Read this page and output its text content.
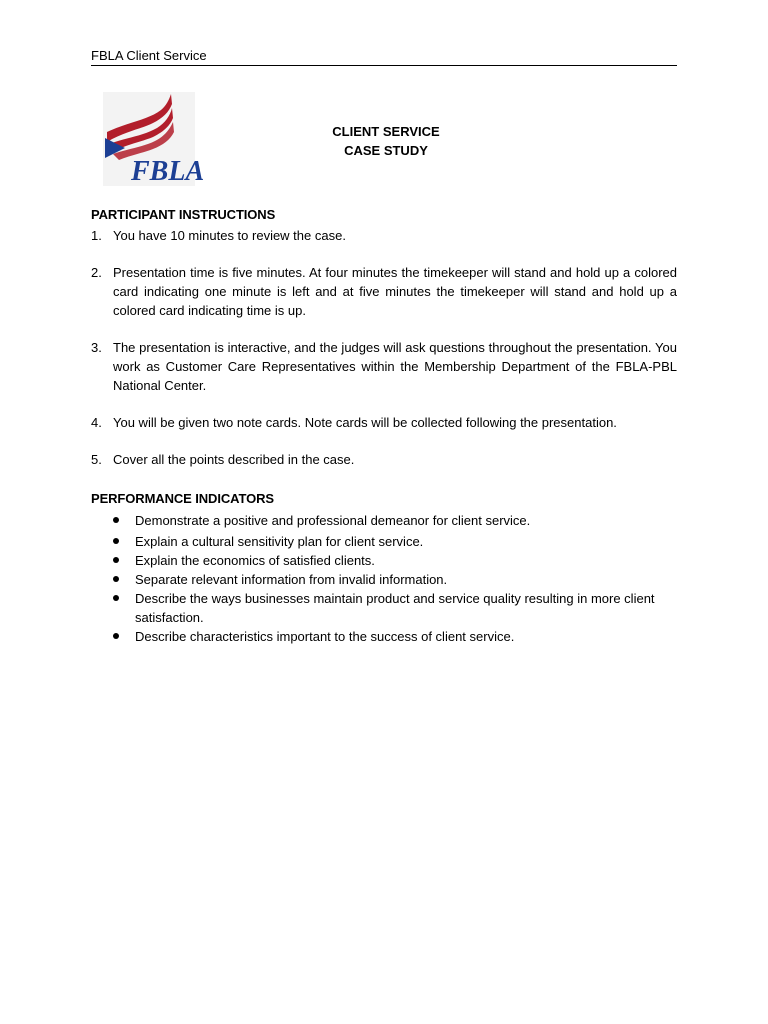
FBLA Client Service
FBLA
CLIENT SERVICE
CASE STUDY
PARTICIPANT INSTRUCTIONS
1. You have 10 minutes to review the case.
2. Presentation time is five minutes. At four minutes the timekeeper will stand and hold up a colored card indicating one minute is left and at five minutes the timekeeper will stand and hold up a colored card indicating time is up.
3. The presentation is interactive, and the judges will ask questions throughout the presentation. You work as Customer Care Representatives within the Membership Department of the FBLA-PBL National Center.
4. You will be given two note cards. Note cards will be collected following the presentation.
5. Cover all the points described in the case.
PERFORMANCE INDICATORS
Demonstrate a positive and professional demeanor for client service.
Explain a cultural sensitivity plan for client service.
Explain the economics of satisfied clients.
Separate relevant information from invalid information.
Describe the ways businesses maintain product and service quality resulting in more client satisfaction.
Describe characteristics important to the success of client service.
